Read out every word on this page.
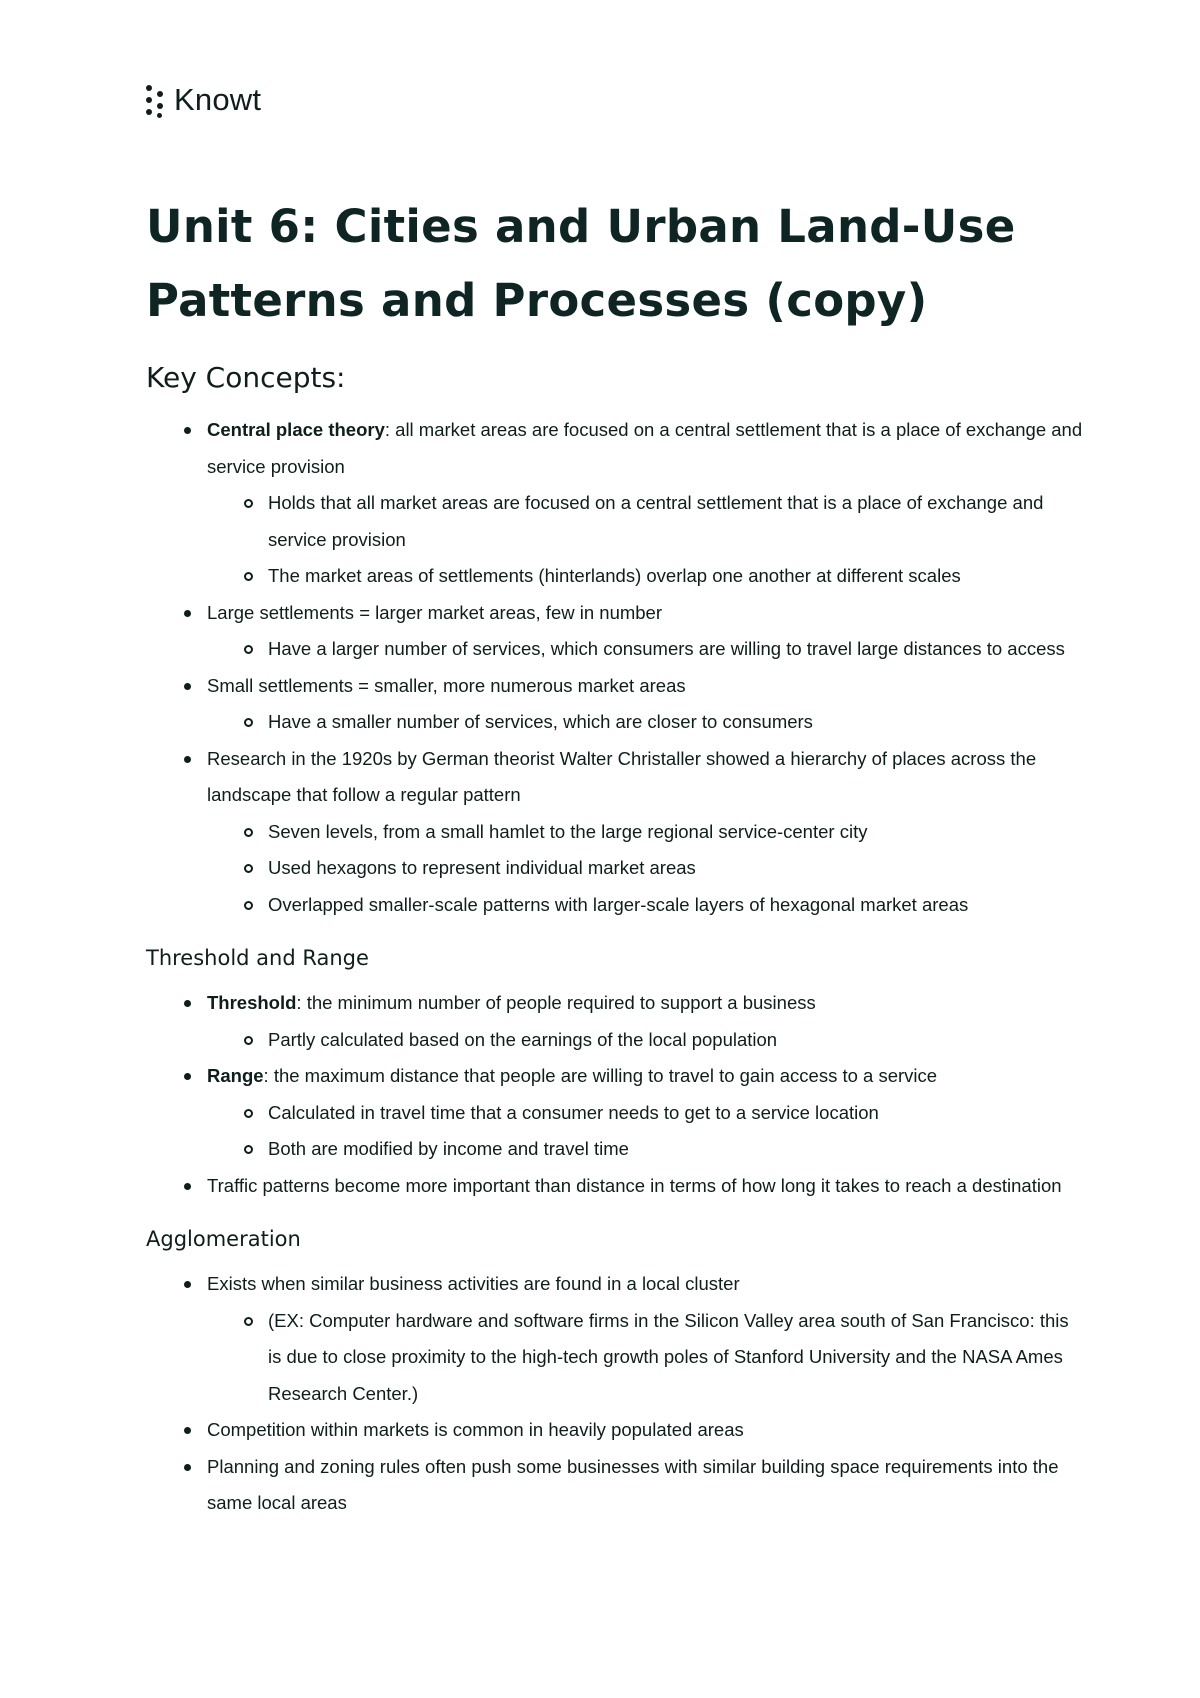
Knowt
Unit 6: Cities and Urban Land-Use Patterns and Processes (copy)
Key Concepts:
Central place theory: all market areas are focused on a central settlement that is a place of exchange and service provision
Holds that all market areas are focused on a central settlement that is a place of exchange and service provision
The market areas of settlements (hinterlands) overlap one another at different scales
Large settlements = larger market areas, few in number
Have a larger number of services, which consumers are willing to travel large distances to access
Small settlements = smaller, more numerous market areas
Have a smaller number of services, which are closer to consumers
Research in the 1920s by German theorist Walter Christaller showed a hierarchy of places across the landscape that follow a regular pattern
Seven levels, from a small hamlet to the large regional service-center city
Used hexagons to represent individual market areas
Overlapped smaller-scale patterns with larger-scale layers of hexagonal market areas
Threshold and Range
Threshold: the minimum number of people required to support a business
Partly calculated based on the earnings of the local population
Range: the maximum distance that people are willing to travel to gain access to a service
Calculated in travel time that a consumer needs to get to a service location
Both are modified by income and travel time
Traffic patterns become more important than distance in terms of how long it takes to reach a destination
Agglomeration
Exists when similar business activities are found in a local cluster
(EX: Computer hardware and software firms in the Silicon Valley area south of San Francisco: this is due to close proximity to the high-tech growth poles of Stanford University and the NASA Ames Research Center.)
Competition within markets is common in heavily populated areas
Planning and zoning rules often push some businesses with similar building space requirements into the same local areas
